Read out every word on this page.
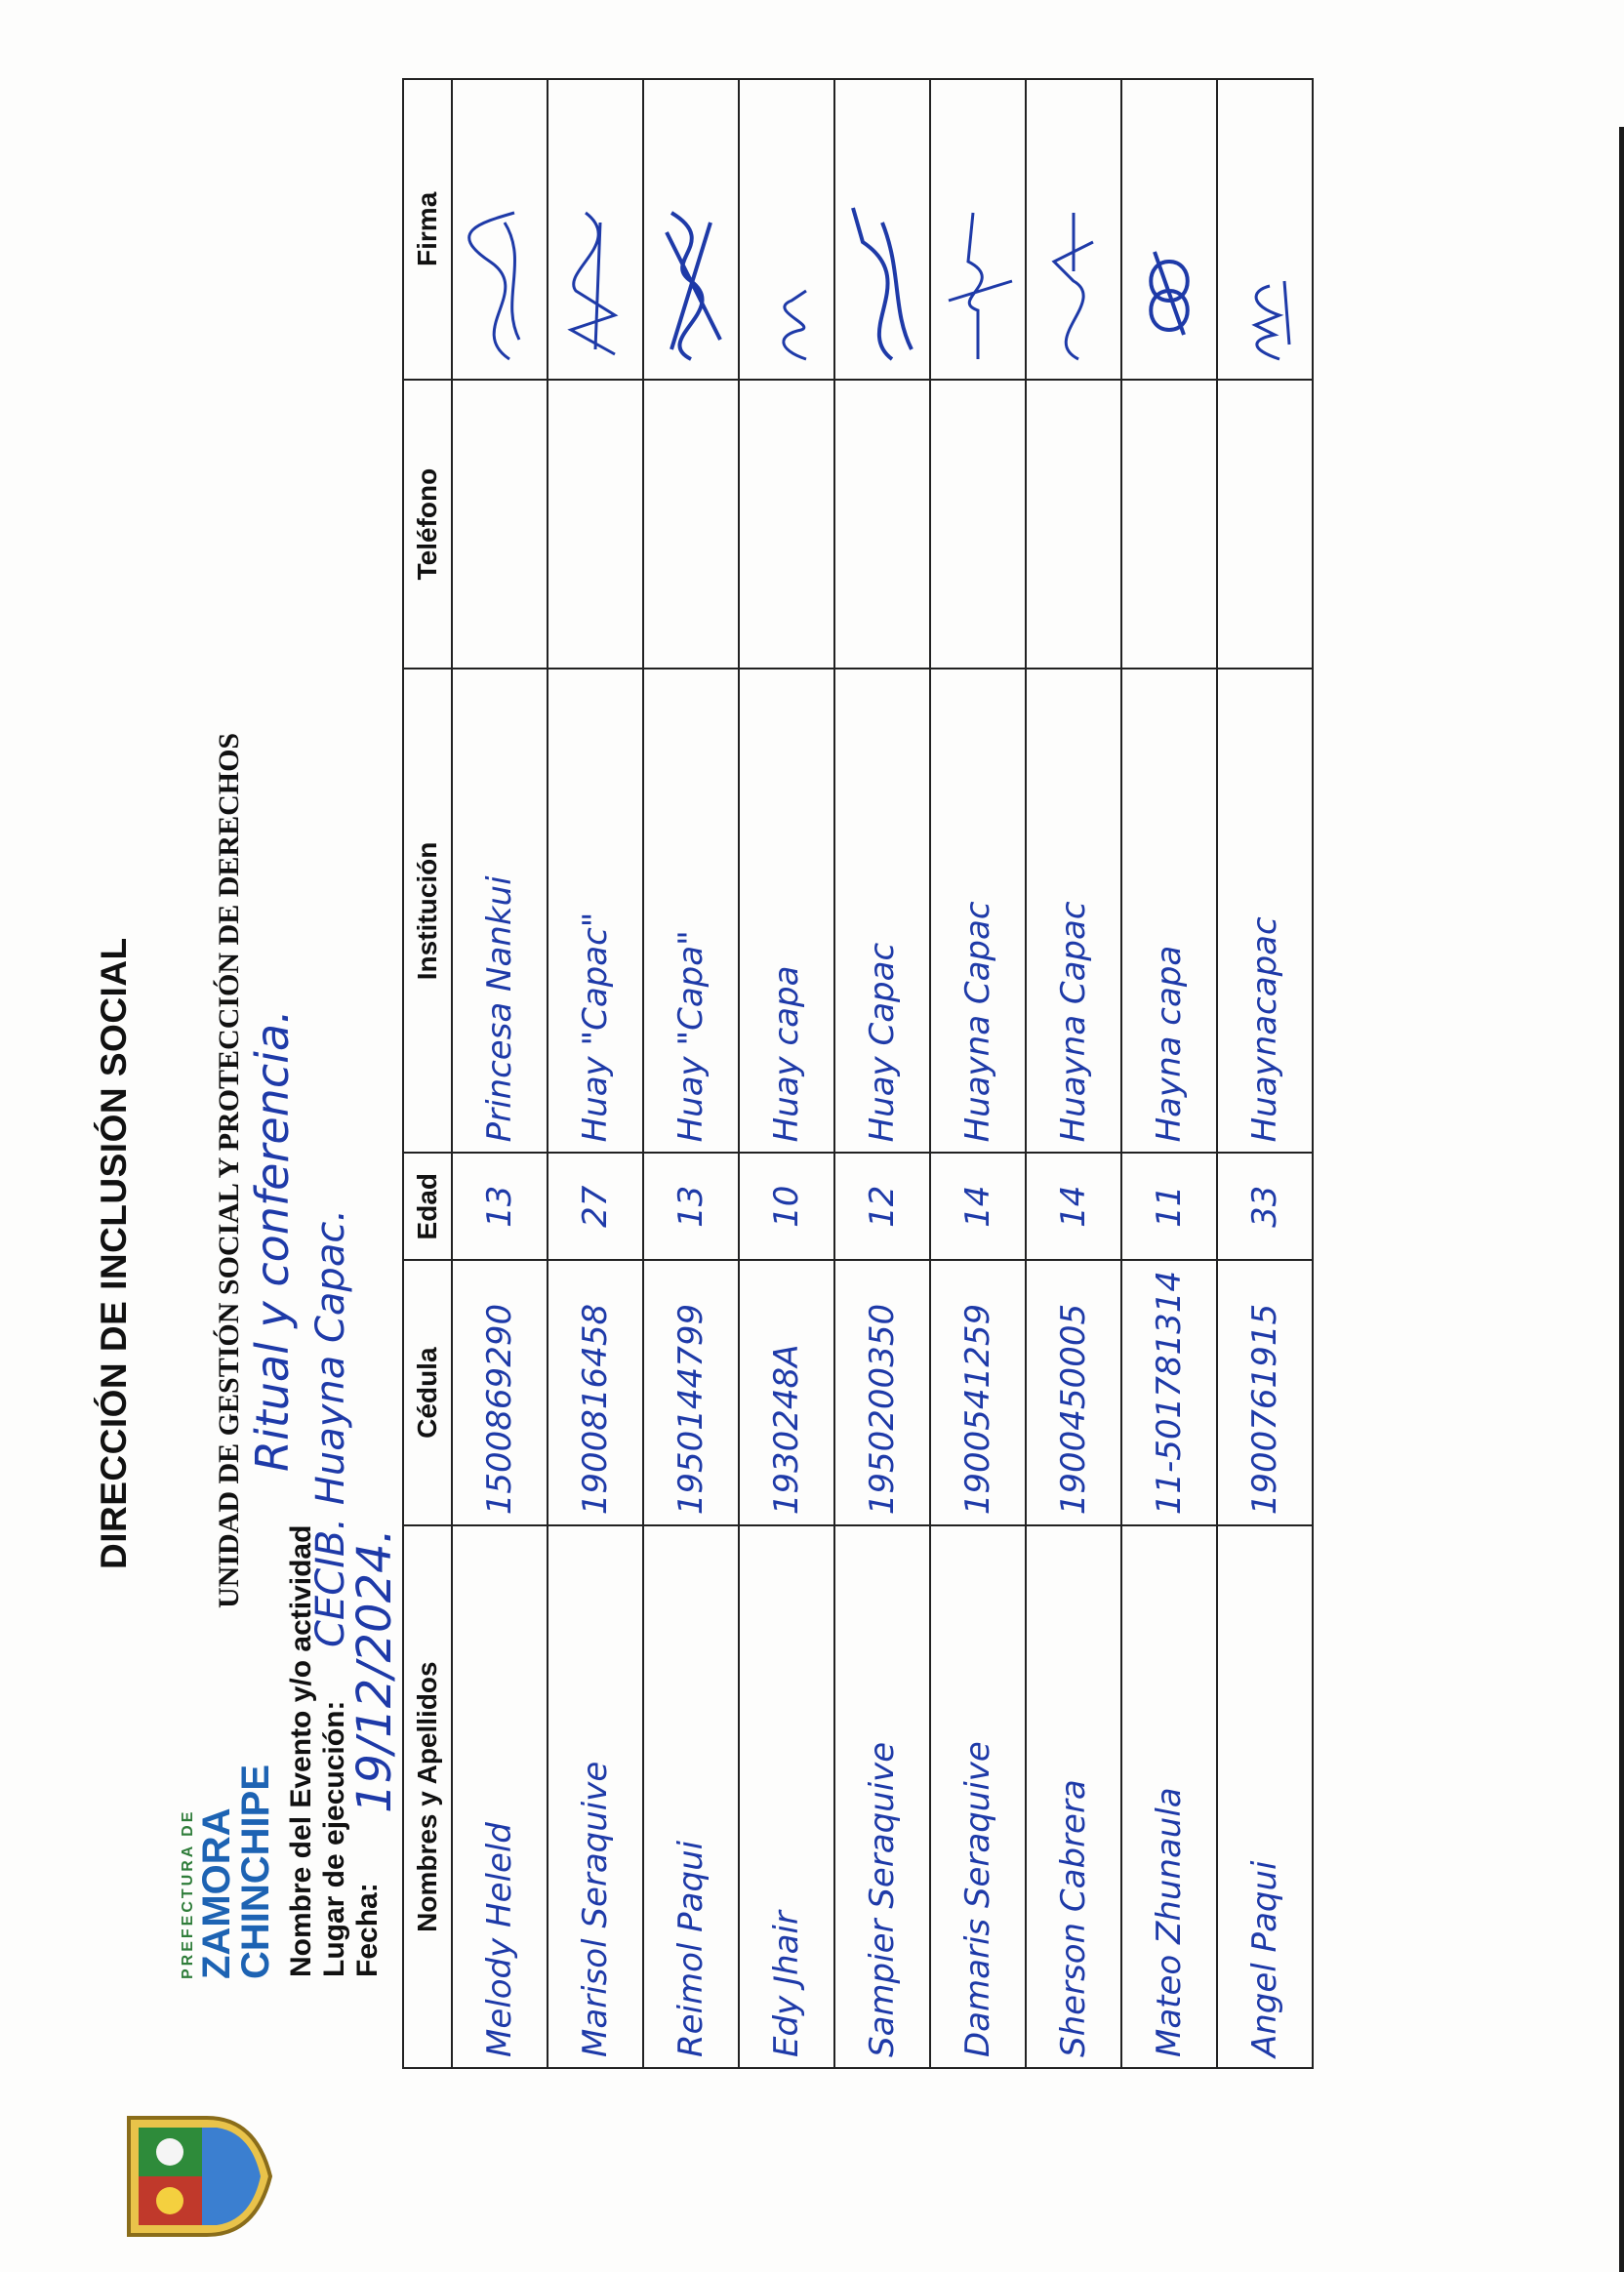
PREFECTURA DE ZAMORA
CHINCHIPE
DIRECCIÓN DE INCLUSIÓN SOCIAL	UNIDAD DE GESTIÓN SOCIAL Y PROTECCIÓN DE DERECHOS
Nombre del Evento y/o actividad
Ritual y conferencia.
Lugar de ejecución:
CECIB. Huayna Capac.
Fecha:
19/12/2024. Nombres y Apellidos	Cédula	Edad	Institución	Teléfono	Firma
Melody Heleld	1500869290	13	Princesa Nankui		

Marisol Seraquive	1900816458	27	Huay "Capac"		

Reimol Paqui	1950144799	13	Huay "Capa"		

Edy Jhair	1930248A	10	Huay capa		

Sampier Seraquive	1950200350	12	Huay Capac		

Damaris Seraquive	1900541259	14	Huayna Capac		

Sherson Cabrera	1900450005	14	Huayna Capac		

Mateo Zhunaula	11-501781314	11	Hayna capa		

Angel Paqui	1900761915	33	Huaynacapac		
